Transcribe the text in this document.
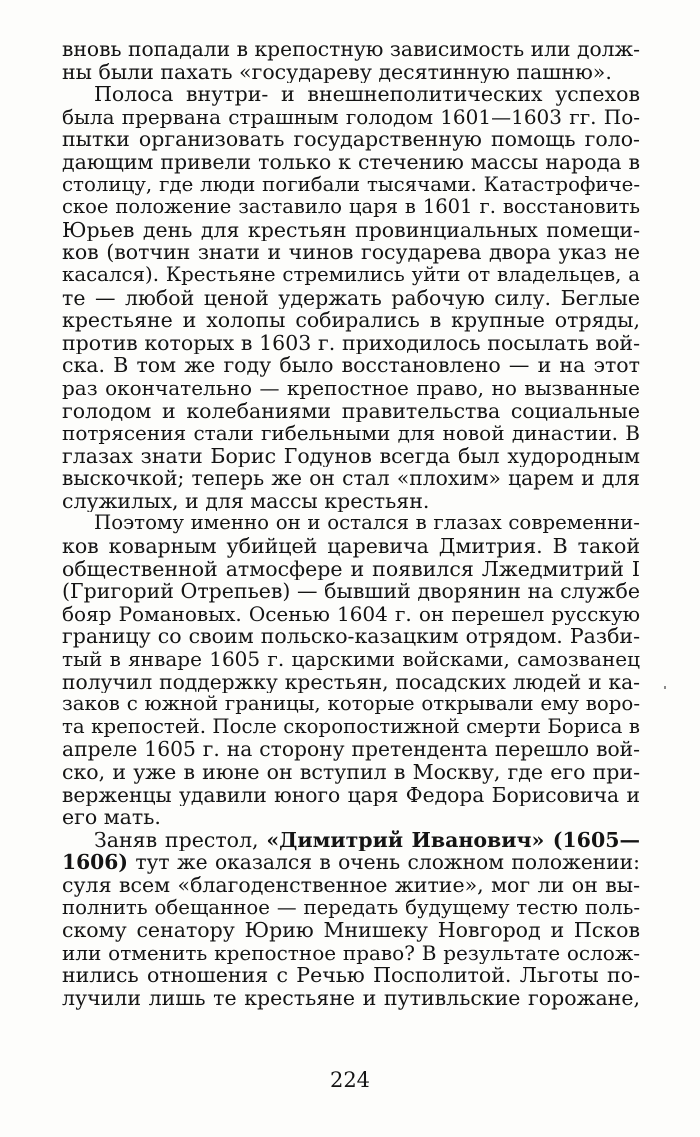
вновь попадали в крепостную зависимость или долж-
ны были пахать «государеву десятинную пашню».
Полоса внутри- и внешнеполитических успехов
была прервана страшным голодом 1601—1603 гг. По-
пытки организовать государственную помощь голо-
дающим привели только к стечению массы народа в
столицу, где люди погибали тысячами. Катастрофиче-
ское положение заставило царя в 1601 г. восстановить
Юрьев день для крестьян провинциальных помещи-
ков (вотчин знати и чинов государева двора указ не
касался). Крестьяне стремились уйти от владельцев, а
те — любой ценой удержать рабочую силу. Беглые
крестьяне и холопы собирались в крупные отряды,
против которых в 1603 г. приходилось посылать вой-
ска. В том же году было восстановлено — и на этот
раз окончательно — крепостное право, но вызванные
голодом и колебаниями правительства социальные
потрясения стали гибельными для новой династии. В
глазах знати Борис Годунов всегда был худородным
выскочкой; теперь же он стал «плохим» царем и для
служилых, и для массы крестьян.
Поэтому именно он и остался в глазах современни-
ков коварным убийцей царевича Дмитрия. В такой
общественной атмосфере и появился Лжедмитрий I
(Григорий Отрепьев) — бывший дворянин на службе
бояр Романовых. Осенью 1604 г. он перешел русскую
границу со своим польско-казацким отрядом. Разби-
тый в январе 1605 г. царскими войсками, самозванец
получил поддержку крестьян, посадских людей и ка-
заков с южной границы, которые открывали ему воро-
та крепостей. После скоропостижной смерти Бориса в
апреле 1605 г. на сторону претендента перешло вой-
ско, и уже в июне он вступил в Москву, где его при-
верженцы удавили юного царя Федора Борисовича и
его мать.
Заняв престол, «Димитрий Иванович» (1605—
1606) тут же оказался в очень сложном положении:
суля всем «благоденственное житие», мог ли он вы-
полнить обещанное — передать будущему тестю поль-
скому сенатору Юрию Мнишеку Новгород и Псков
или отменить крепостное право? В результате ослож-
нились отношения с Речью Посполитой. Льготы по-
лучили лишь те крестьяне и путивльские горожане,
224
